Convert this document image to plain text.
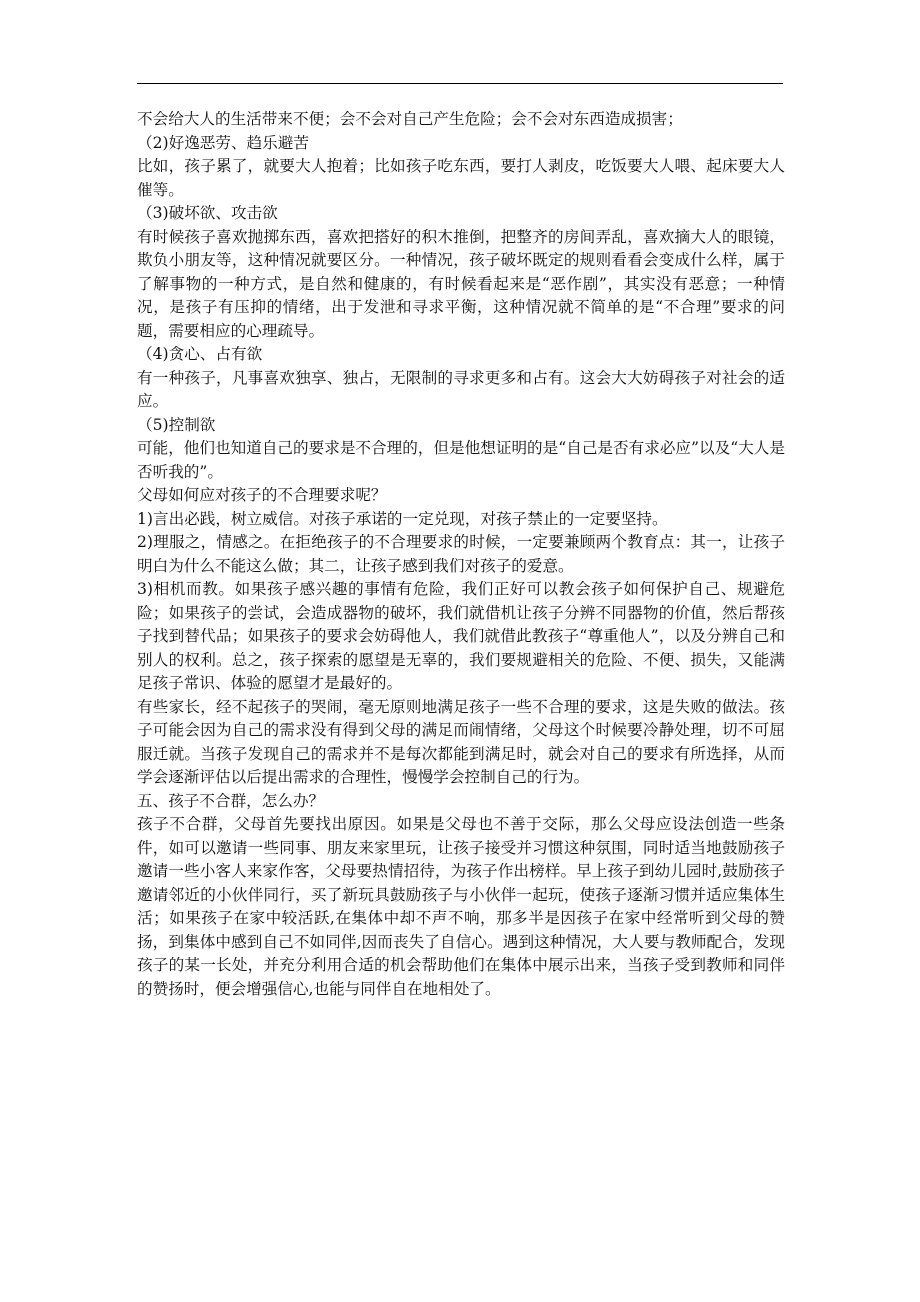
不会给大人的生活带来不便；会不会对自己产生危险；会不会对东西造成损害；

（2)好逸恶劳、趋乐避苦

比如，孩子累了，就要大人抱着；比如孩子吃东西，要打人剥皮，吃饭要大人喂、起床要大人催等。

（3)破坏欲、攻击欲

有时候孩子喜欢抛掷东西，喜欢把搭好的积木推倒，把整齐的房间弄乱，喜欢摘大人的眼镜，欺负小朋友等，这种情况就要区分。一种情况，孩子破坏既定的规则看看会变成什么样，属于了解事物的一种方式，是自然和健康的，有时候看起来是“恶作剧”，其实没有恶意；一种情况，是孩子有压抑的情绪，出于发泄和寻求平衡，这种情况就不简单的是“不合理”要求的问题，需要相应的心理疏导。

（4)贪心、占有欲

有一种孩子，凡事喜欢独享、独占，无限制的寻求更多和占有。这会大大妨碍孩子对社会的适应。

（5)控制欲

可能，他们也知道自己的要求是不合理的，但是他想证明的是“自己是否有求必应”以及“大人是否听我的”。

父母如何应对孩子的不合理要求呢？

1)言出必践，树立威信。对孩子承诺的一定兑现，对孩子禁止的一定要坚持。

2)理服之，情感之。在拒绝孩子的不合理要求的时候，一定要兼顾两个教育点：其一，让孩子明白为什么不能这么做；其二，让孩子感到我们对孩子的爱意。

3)相机而教。如果孩子感兴趣的事情有危险，我们正好可以教会孩子如何保护自己、规避危险；如果孩子的尝试，会造成器物的破坏，我们就借机让孩子分辨不同器物的价值，然后帮孩子找到替代品；如果孩子的要求会妨碍他人，我们就借此教孩子“尊重他人”，以及分辨自己和别人的权利。总之，孩子探索的愿望是无辜的，我们要规避相关的危险、不便、损失，又能满足孩子常识、体验的愿望才是最好的。

有些家长，经不起孩子的哭闹，毫无原则地满足孩子一些不合理的要求，这是失败的做法。孩子可能会因为自己的需求没有得到父母的满足而闹情绪，父母这个时候要冷静处理，切不可屈服迁就。当孩子发现自己的需求并不是每次都能到满足时，就会对自己的要求有所选择，从而学会逐渐评估以后提出需求的合理性，慢慢学会控制自己的行为。

五、孩子不合群，怎么办？

孩子不合群，父母首先要找出原因。如果是父母也不善于交际，那么父母应设法创造一些条件，如可以邀请一些同事、朋友来家里玩，让孩子接受并习惯这种氛围，同时适当地鼓励孩子邀请一些小客人来家作客，父母要热情招待，为孩子作出榜样。早上孩子到幼儿园时,鼓励孩子邀请邻近的小伙伴同行，买了新玩具鼓励孩子与小伙伴一起玩，使孩子逐渐习惯并适应集体生活；如果孩子在家中较活跃,在集体中却不声不响，那多半是因孩子在家中经常听到父母的赞扬，到集体中感到自己不如同伴,因而丧失了自信心。遇到这种情况，大人要与教师配合，发现孩子的某一长处，并充分利用合适的机会帮助他们在集体中展示出来，当孩子受到教师和同伴的赞扬时，便会增强信心,也能与同伴自在地相处了。
